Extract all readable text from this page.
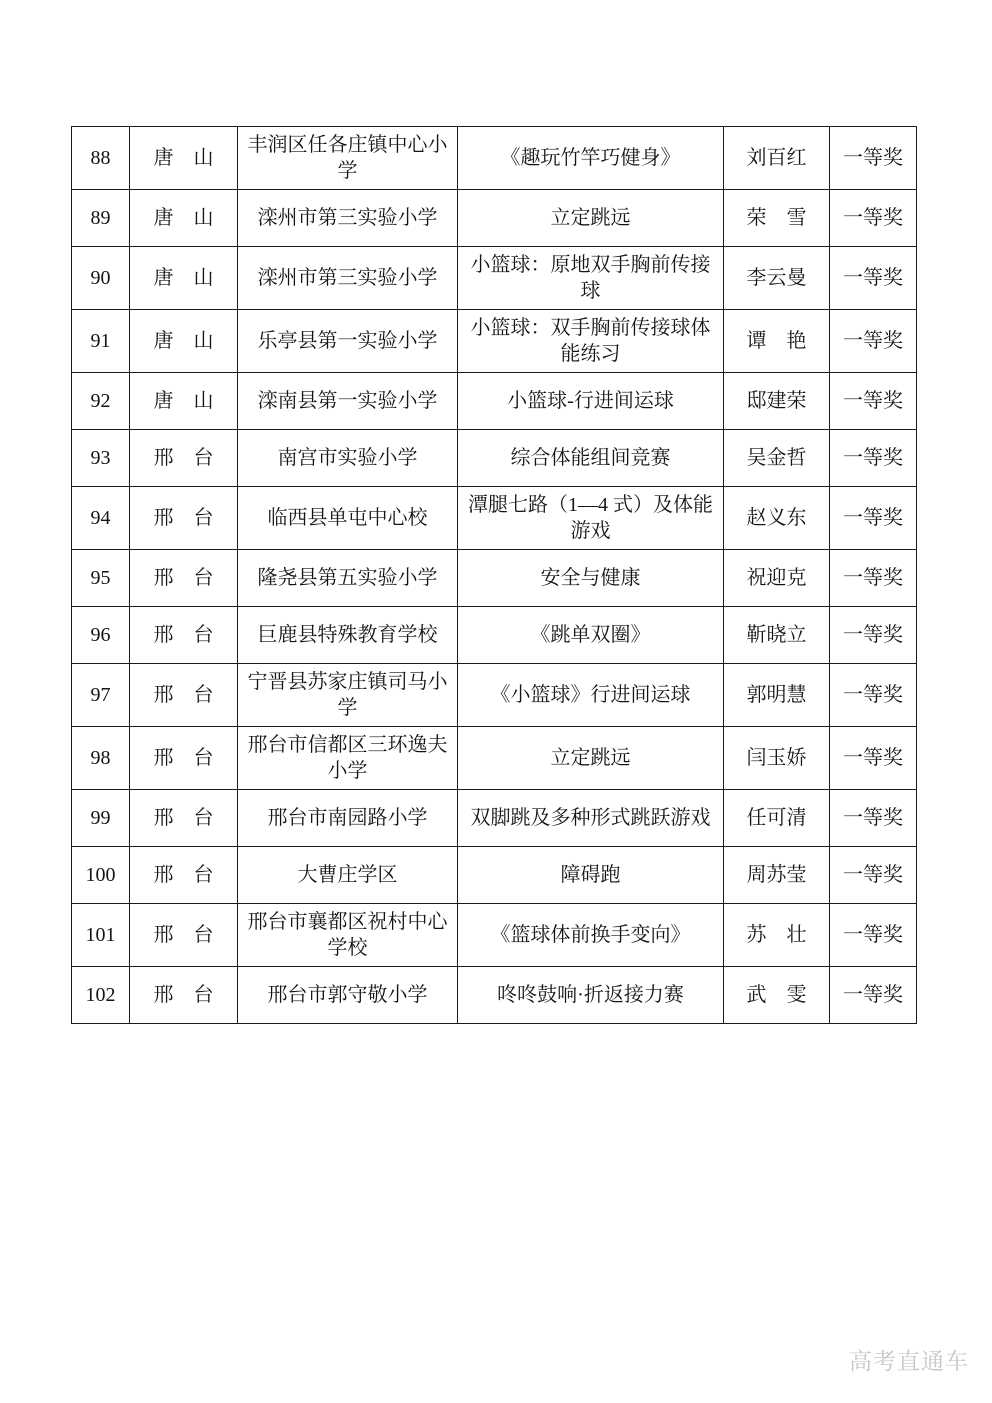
88	唐　山	丰润区任各庄镇中心小学	《趣玩竹竿巧健身》	刘百红	一等奖
89	唐　山	滦州市第三实验小学	立定跳远	荣　雪	一等奖
90	唐　山	滦州市第三实验小学	小篮球：原地双手胸前传接球	李云曼	一等奖
91	唐　山	乐亭县第一实验小学	小篮球：双手胸前传接球体能练习	谭　艳	一等奖
92	唐　山	滦南县第一实验小学	小篮球-行进间运球	邸建荣	一等奖
93	邢　台	南宫市实验小学	综合体能组间竞赛	吴金哲	一等奖
94	邢　台	临西县单屯中心校	潭腿七路（1—4 式）及体能游戏	赵义东	一等奖
95	邢　台	隆尧县第五实验小学	安全与健康	祝迎克	一等奖
96	邢　台	巨鹿县特殊教育学校	《跳单双圈》	靳晓立	一等奖
97	邢　台	宁晋县苏家庄镇司马小学	《小篮球》行进间运球	郭明慧	一等奖
98	邢　台	邢台市信都区三环逸夫小学	立定跳远	闫玉娇	一等奖
99	邢　台	邢台市南园路小学	双脚跳及多种形式跳跃游戏	任可清	一等奖
100	邢　台	大曹庄学区	障碍跑	周苏莹	一等奖
101	邢　台	邢台市襄都区祝村中心学校	《篮球体前换手变向》	苏　壮	一等奖
102	邢　台	邢台市郭守敬小学	咚咚鼓响·折返接力赛	武　雯	一等奖
高考直通车
